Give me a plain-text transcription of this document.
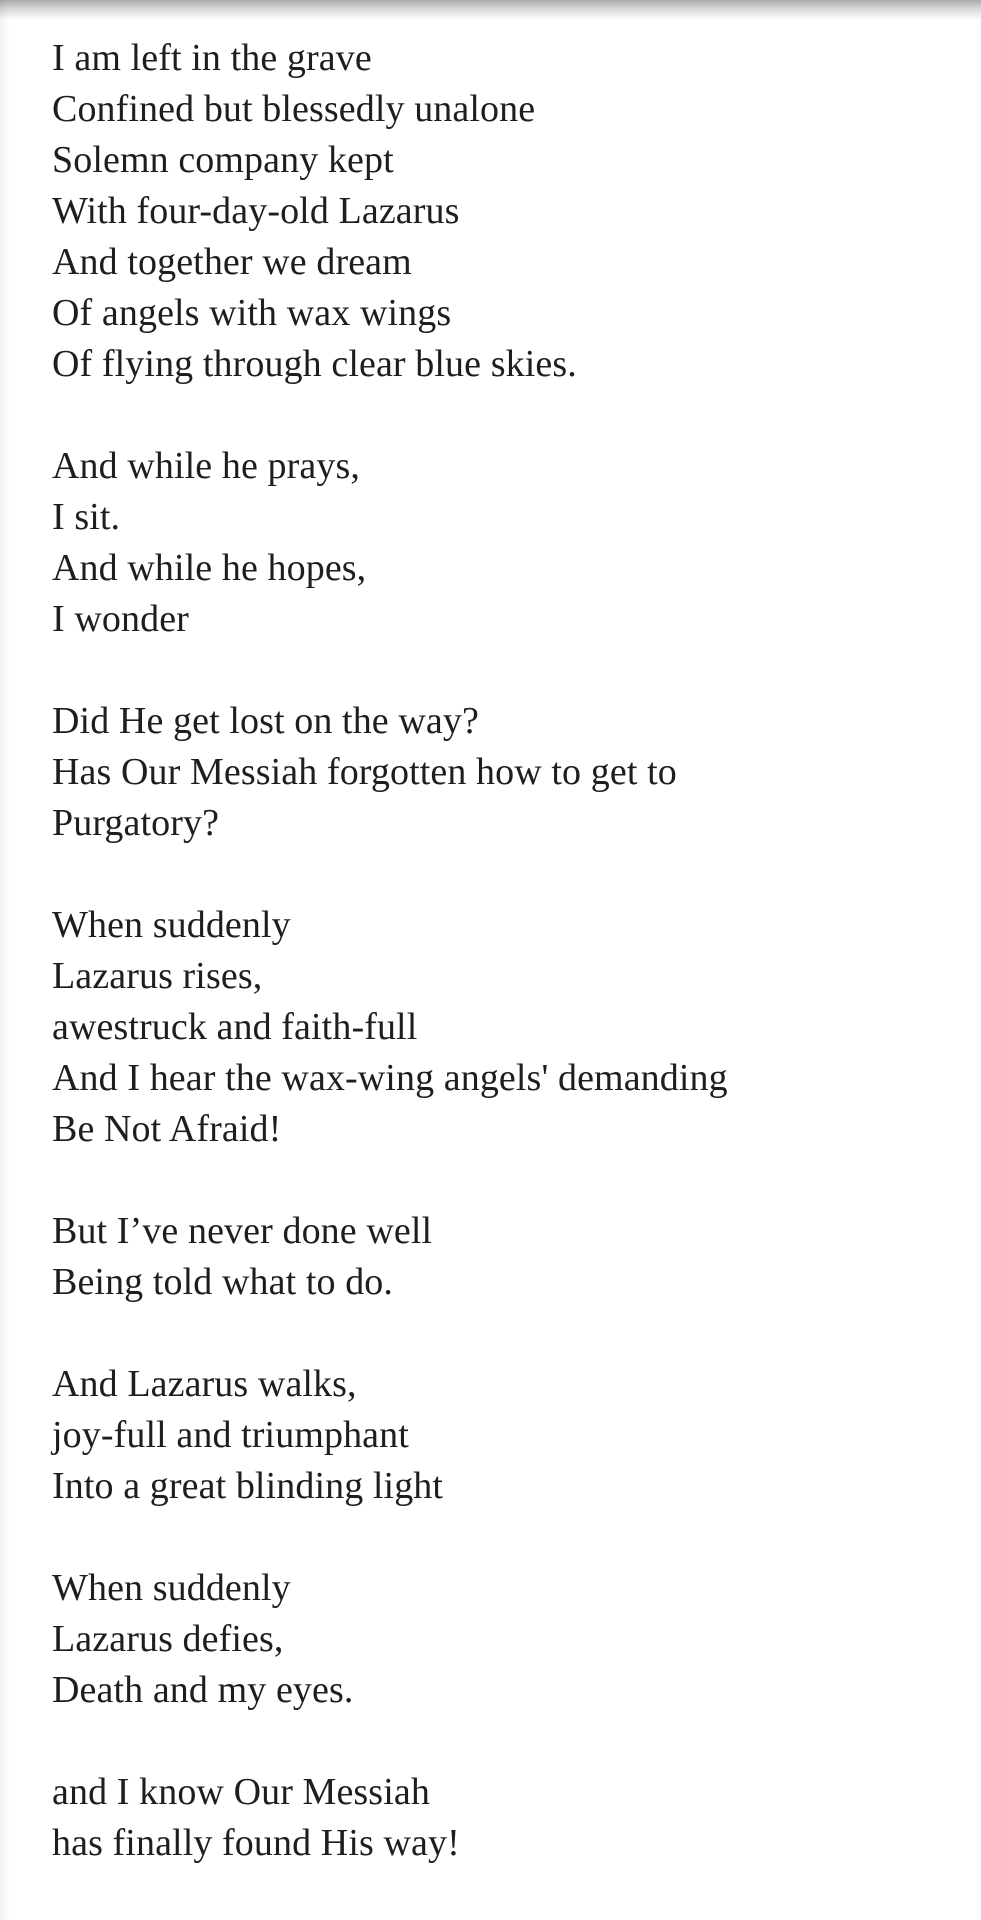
I am left in the grave
Confined but blessedly unalone
Solemn company kept
With four-day-old Lazarus
And together we dream
Of angels with wax wings
Of flying through clear blue skies.
And while he prays,
I sit.
And while he hopes,
I wonder
Did He get lost on the way?
Has Our Messiah forgotten how to get to
Purgatory?
When suddenly
Lazarus rises,
awestruck and faith-full
And I hear the wax-wing angels' demanding
Be Not Afraid!
But I’ve never done well
Being told what to do.
And Lazarus walks,
joy-full and triumphant
Into a great blinding light
When suddenly
Lazarus defies,
Death and my eyes.
and I know Our Messiah
has finally found His way!
